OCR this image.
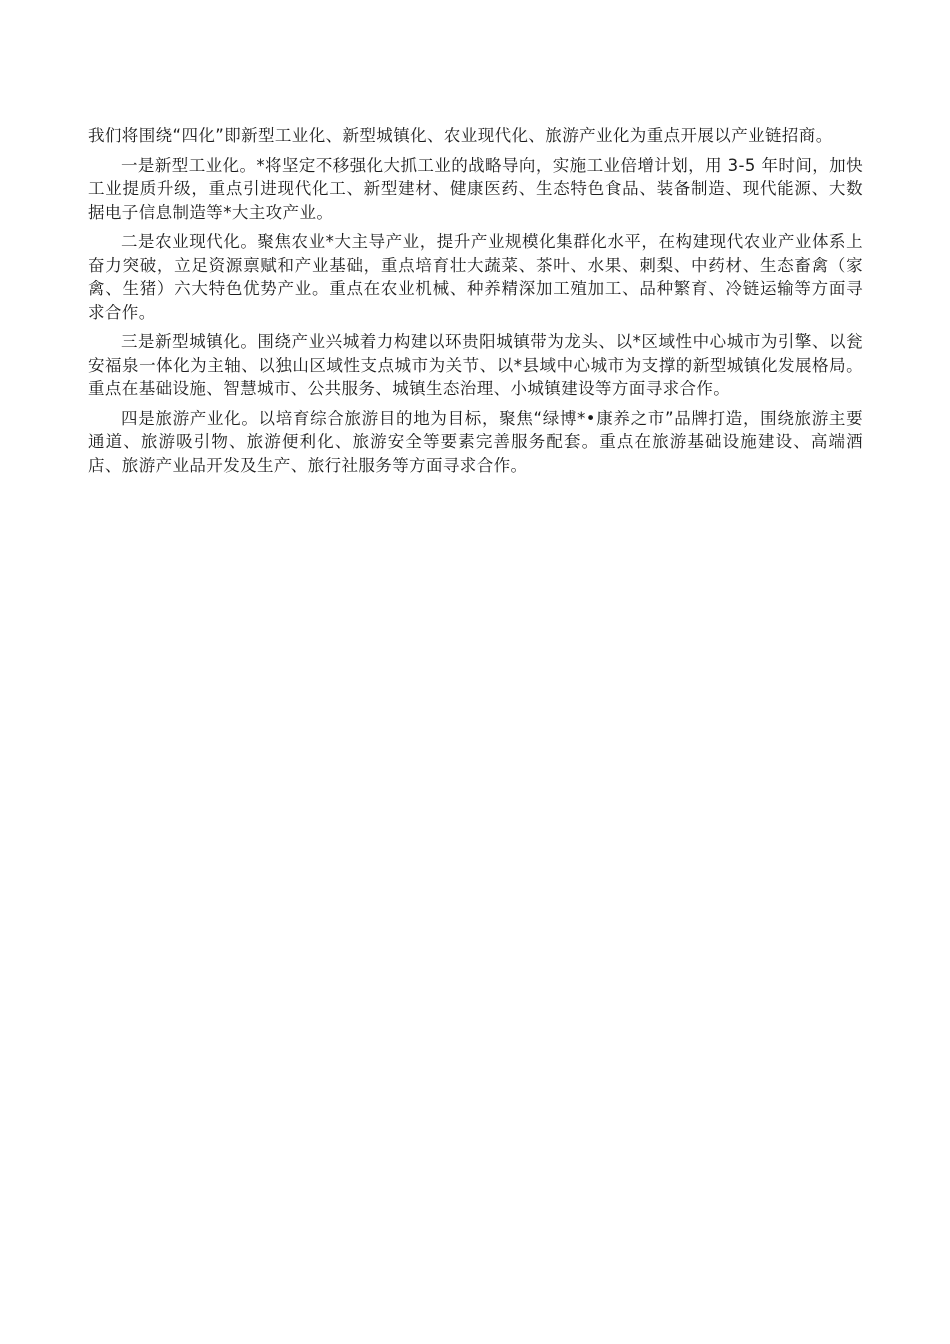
我们将围绕“四化”即新型工业化、新型城镇化、农业现代化、旅游产业化为重点开展以产业链招商。

一是新型工业化。*将坚定不移强化大抓工业的战略导向，实施工业倍增计划，用 3-5 年时间，加快工业提质升级，重点引进现代化工、新型建材、健康医药、生态特色食品、装备制造、现代能源、大数据电子信息制造等*大主攻产业。

二是农业现代化。聚焦农业*大主导产业，提升产业规模化集群化水平，在构建现代农业产业体系上奋力突破，立足资源禀赋和产业基础，重点培育壮大蔬菜、茶叶、水果、刺梨、中药材、生态畜禽（家禽、生猪）六大特色优势产业。重点在农业机械、种养精深加工殖加工、品种繁育、冷链运输等方面寻求合作。

三是新型城镇化。围绕产业兴城着力构建以环贵阳城镇带为龙头、以*区域性中心城市为引擎、以瓮安福泉一体化为主轴、以独山区域性支点城市为关节、以*县域中心城市为支撑的新型城镇化发展格局。重点在基础设施、智慧城市、公共服务、城镇生态治理、小城镇建设等方面寻求合作。

四是旅游产业化。以培育综合旅游目的地为目标，聚焦“绿博*•康养之市”品牌打造，围绕旅游主要通道、旅游吸引物、旅游便利化、旅游安全等要素完善服务配套。重点在旅游基础设施建设、高端酒店、旅游产业品开发及生产、旅行社服务等方面寻求合作。
